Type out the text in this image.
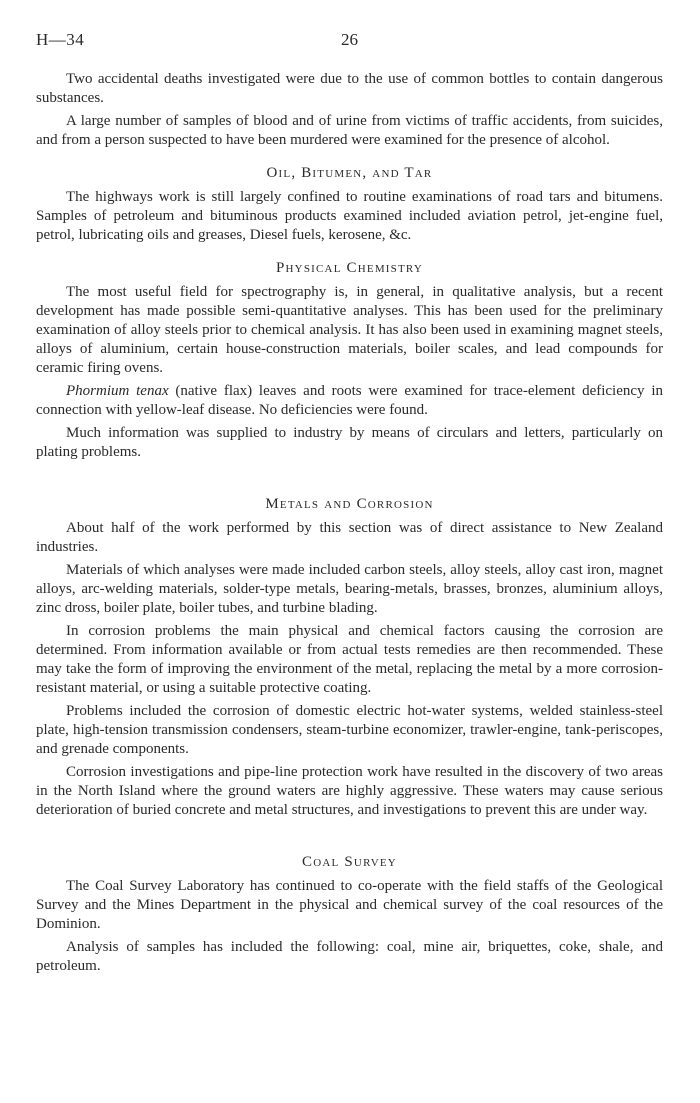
H—34	26

Two accidental deaths investigated were due to the use of common bottles to contain dangerous substances.

A large number of samples of blood and of urine from victims of traffic accidents, from suicides, and from a person suspected to have been murdered were examined for the presence of alcohol.

Oil, Bitumen, and Tar

The highways work is still largely confined to routine examinations of road tars and bitumens. Samples of petroleum and bituminous products examined included aviation petrol, jet-engine fuel, petrol, lubricating oils and greases, Diesel fuels, kerosene, &c.

Physical Chemistry

The most useful field for spectrography is, in general, in qualitative analysis, but a recent development has made possible semi-quantitative analyses. This has been used for the preliminary examination of alloy steels prior to chemical analysis. It has also been used in examining magnet steels, alloys of aluminium, certain house-construction materials, boiler scales, and lead compounds for ceramic firing ovens.

Phormium tenax (native flax) leaves and roots were examined for trace-element deficiency in connection with yellow-leaf disease. No deficiencies were found.

Much information was supplied to industry by means of circulars and letters, particularly on plating problems.

Metals and Corrosion

About half of the work performed by this section was of direct assistance to New Zealand industries.

Materials of which analyses were made included carbon steels, alloy steels, alloy cast iron, magnet alloys, arc-welding materials, solder-type metals, bearing-metals, brasses, bronzes, aluminium alloys, zinc dross, boiler plate, boiler tubes, and turbine blading.

In corrosion problems the main physical and chemical factors causing the corrosion are determined. From information available or from actual tests remedies are then recommended. These may take the form of improving the environment of the metal, replacing the metal by a more corrosion-resistant material, or using a suitable protective coating.

Problems included the corrosion of domestic electric hot-water systems, welded stainless-steel plate, high-tension transmission condensers, steam-turbine economizer, trawler-engine, tank-periscopes, and grenade components.

Corrosion investigations and pipe-line protection work have resulted in the discovery of two areas in the North Island where the ground waters are highly aggressive. These waters may cause serious deterioration of buried concrete and metal structures, and investigations to prevent this are under way.

Coal Survey

The Coal Survey Laboratory has continued to co-operate with the field staffs of the Geological Survey and the Mines Department in the physical and chemical survey of the coal resources of the Dominion.

Analysis of samples has included the following: coal, mine air, briquettes, coke, shale, and petroleum.
